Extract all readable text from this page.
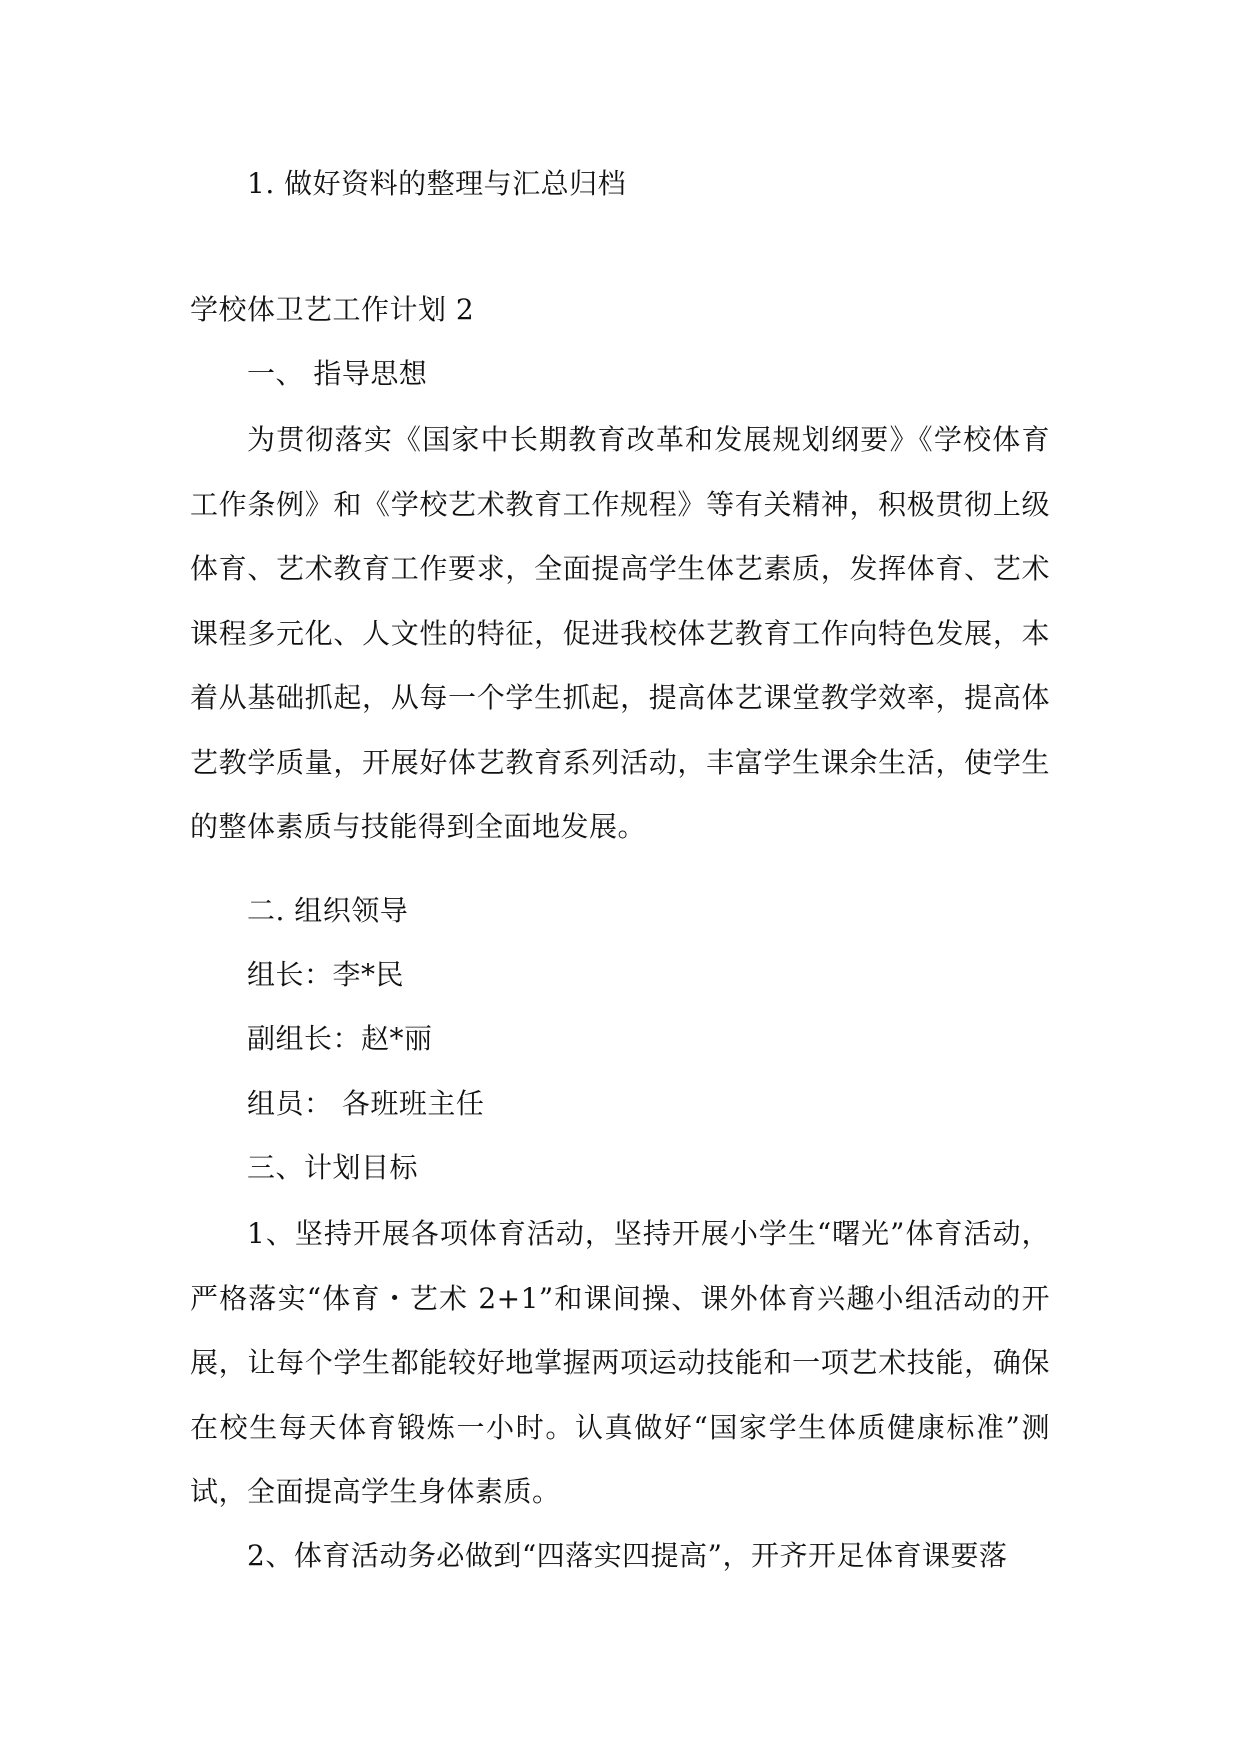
1. 做好资料的整理与汇总归档
学校体卫艺工作计划 2
一、 指导思想
为贯彻落实《国家中长期教育改革和发展规划纲要》《学校体育工作条例》和《学校艺术教育工作规程》等有关精神，积极贯彻上级体育、艺术教育工作要求，全面提高学生体艺素质，发挥体育、艺术课程多元化、人文性的特征，促进我校体艺教育工作向特色发展，本着从基础抓起，从每一个学生抓起，提高体艺课堂教学效率，提高体艺教学质量，开展好体艺教育系列活动，丰富学生课余生活，使学生的整体素质与技能得到全面地发展。
二. 组织领导
组长：李*民
副组长：赵*丽
组员： 各班班主任
三、计划目标
1、坚持开展各项体育活动，坚持开展小学生“曙光”体育活动，严格落实“体育・艺术 2+1”和课间操、课外体育兴趣小组活动的开展，让每个学生都能较好地掌握两项运动技能和一项艺术技能，确保在校生每天体育锻炼一小时。认真做好“国家学生体质健康标准”测试，全面提高学生身体素质。
2、体育活动务必做到“四落实四提高”，开齐开足体育课要落
